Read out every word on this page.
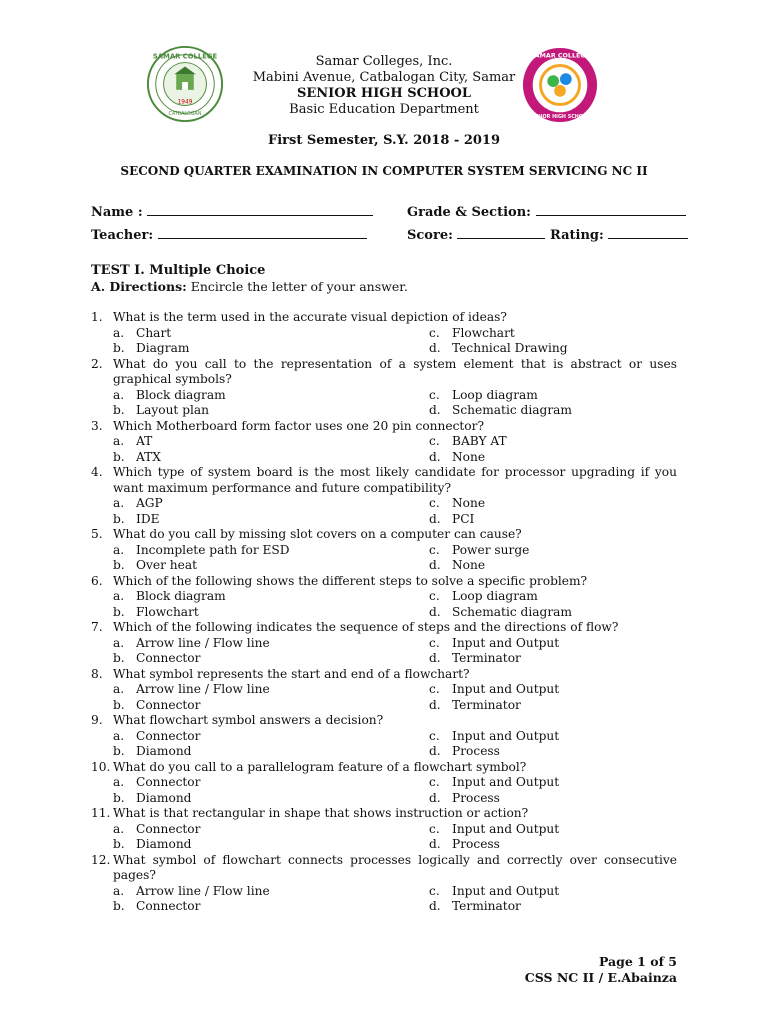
SAMAR COLLEGE
CATBALOGAN
1949
SAMAR COLLEGE
SENIOR HIGH SCHOOL
Samar Colleges, Inc.
Mabini Avenue, Catbalogan City, Samar
SENIOR HIGH SCHOOL
Basic Education Department
First Semester, S.Y. 2018 - 2019
SECOND QUARTER EXAMINATION IN COMPUTER SYSTEM SERVICING NC II
Name :	Grade & Section:
Teacher:	Score:	Rating:
TEST I. Multiple Choice
A. Directions: Encircle the letter of your answer.
1. What is the term used in the accurate visual depiction of ideas?
a. Chart	c.	Flowchart
b. Diagram	d. Technical Drawing
2. What do you call to the representation of a system element that is abstract or uses graphical symbols?
a. Block diagram	c.	Loop diagram
b. Layout plan	d. Schematic diagram
3. Which Motherboard form factor uses one 20 pin connector?
a. AT	c.	BABY AT
b. ATX	d. None
4. Which type of system board is the most likely candidate for processor upgrading if you want maximum performance and future compatibility?
a. AGP	c.	None
b. IDE	d. PCI
5. What do you call by missing slot covers on a computer can cause?
a. Incomplete path for ESD	c.	Power surge
b. Over heat	d. None
6. Which of the following shows the different steps to solve a specific problem?
a. Block diagram	c.	Loop diagram
b. Flowchart	d. Schematic diagram
7. Which of the following indicates the sequence of steps and the directions of flow?
a. Arrow line / Flow line	c.	Input and Output
b. Connector	d. Terminator
8. What symbol represents the start and end of a flowchart?
a. Arrow line / Flow line	c.	Input and Output
b. Connector	d. Terminator
9. What flowchart symbol answers a decision?
a. Connector	c.	Input and Output
b. Diamond	d. Process
10. What do you call to a parallelogram feature of a flowchart symbol?
a. Connector	c.	Input and Output
b. Diamond	d. Process
11. What is that rectangular in shape that shows instruction or action?
a. Connector	c.	Input and Output
b. Diamond	d. Process
12. What symbol of flowchart connects processes logically and correctly over consecutive pages?
a. Arrow line / Flow line	c.	Input and Output
b. Connector	d. Terminator
Page 1 of 5
CSS NC II / E.Abainza
